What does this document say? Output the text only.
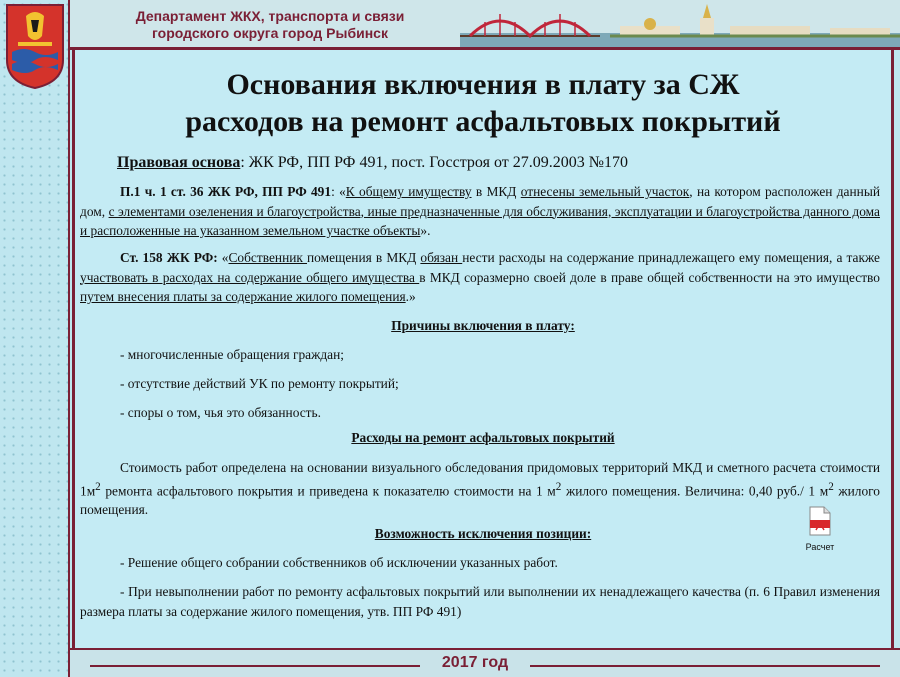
Департамент ЖКХ, транспорта и связи
городского округа город Рыбинск
Основания включения в плату за СЖ
расходов на ремонт асфальтовых покрытий
Правовая основа: ЖК РФ, ПП РФ 491, пост. Госстроя от 27.09.2003 №170
П.1 ч. 1 ст. 36 ЖК РФ, ПП РФ 491: «К общему имуществу в МКД отнесены земельный участок, на котором расположен данный дом, с элементами озеленения и благоустройства, иные предназначенные для обслуживания, эксплуатации и благоустройства данного дома и расположенные на указанном земельном участке объекты».
Ст. 158 ЖК РФ: «Собственник помещения в МКД обязан нести расходы на содержание принадлежащего ему помещения, а также участвовать в расходах на содержание общего имущества в МКД соразмерно своей доле в праве общей собственности на это имущество путем внесения платы за содержание жилого помещения.»
Причины включения в плату:
- многочисленные обращения граждан;
- отсутствие действий УК по ремонту покрытий;
- споры о том, чья это обязанность.
Расходы на ремонт асфальтовых покрытий
Стоимость работ определена на основании визуального обследования придомовых территорий МКД и сметного расчета стоимости $1м^2$ ремонта асфальтового покрытия и приведена к показателю стоимости на 1 $м^2$ жилого помещения. Величина: 0,40 руб./ 1 $м^2$ жилого помещения.
Расчет
Возможность исключения позиции:
- Решение общего собрании собственников об исключении указанных работ.
- При невыполнении работ по ремонту асфальтовых покрытий или выполнении их ненадлежащего качества (п. 6 Правил изменения размера платы за содержание жилого помещения, утв. ПП РФ 491)
2017 год
